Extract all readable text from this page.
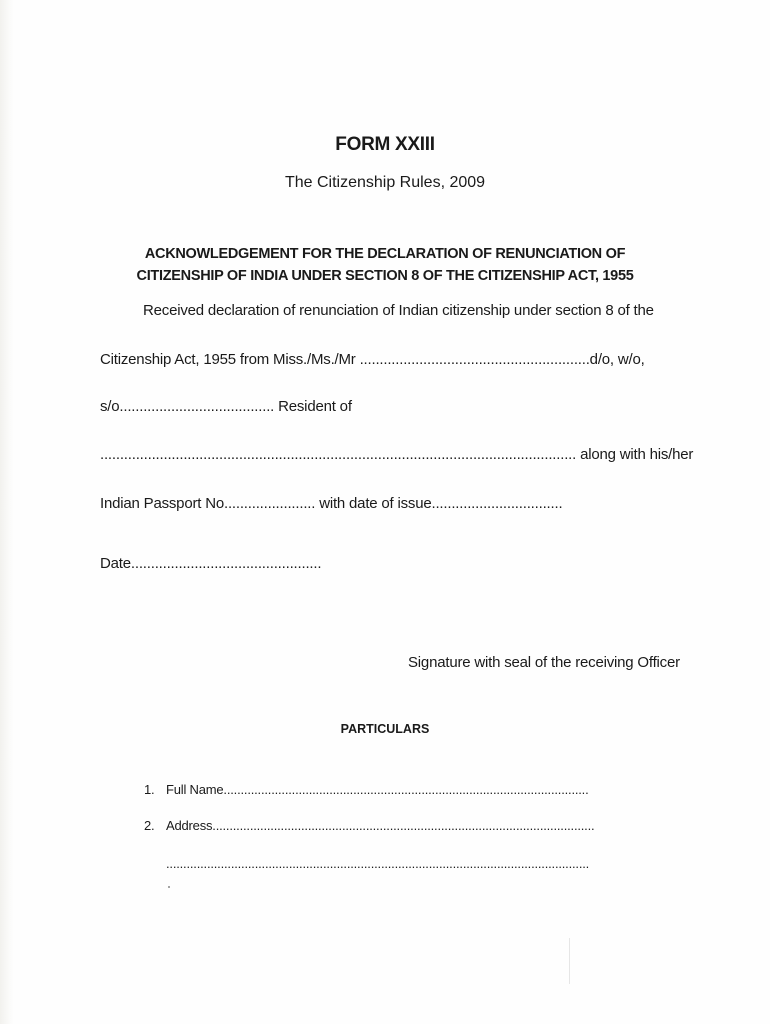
FORM XXIII
The Citizenship Rules, 2009
ACKNOWLEDGEMENT FOR THE DECLARATION OF RENUNCIATION OF
CITIZENSHIP OF INDIA UNDER SECTION 8 OF THE CITIZENSHIP ACT, 1955
Received declaration of renunciation of Indian citizenship under section 8 of the
Citizenship Act, 1955 from Miss./Ms./Mr ..........................................................d/o, w/o,
s/o....................................... Resident of
........................................................................................................................ along with his/her
Indian Passport No....................... with date of issue.................................
Date................................................
Signature with seal of the receiving Officer
PARTICULARS
1. Full Name...........................................................................................................
2. Address................................................................................................................
............................................................................................................................
